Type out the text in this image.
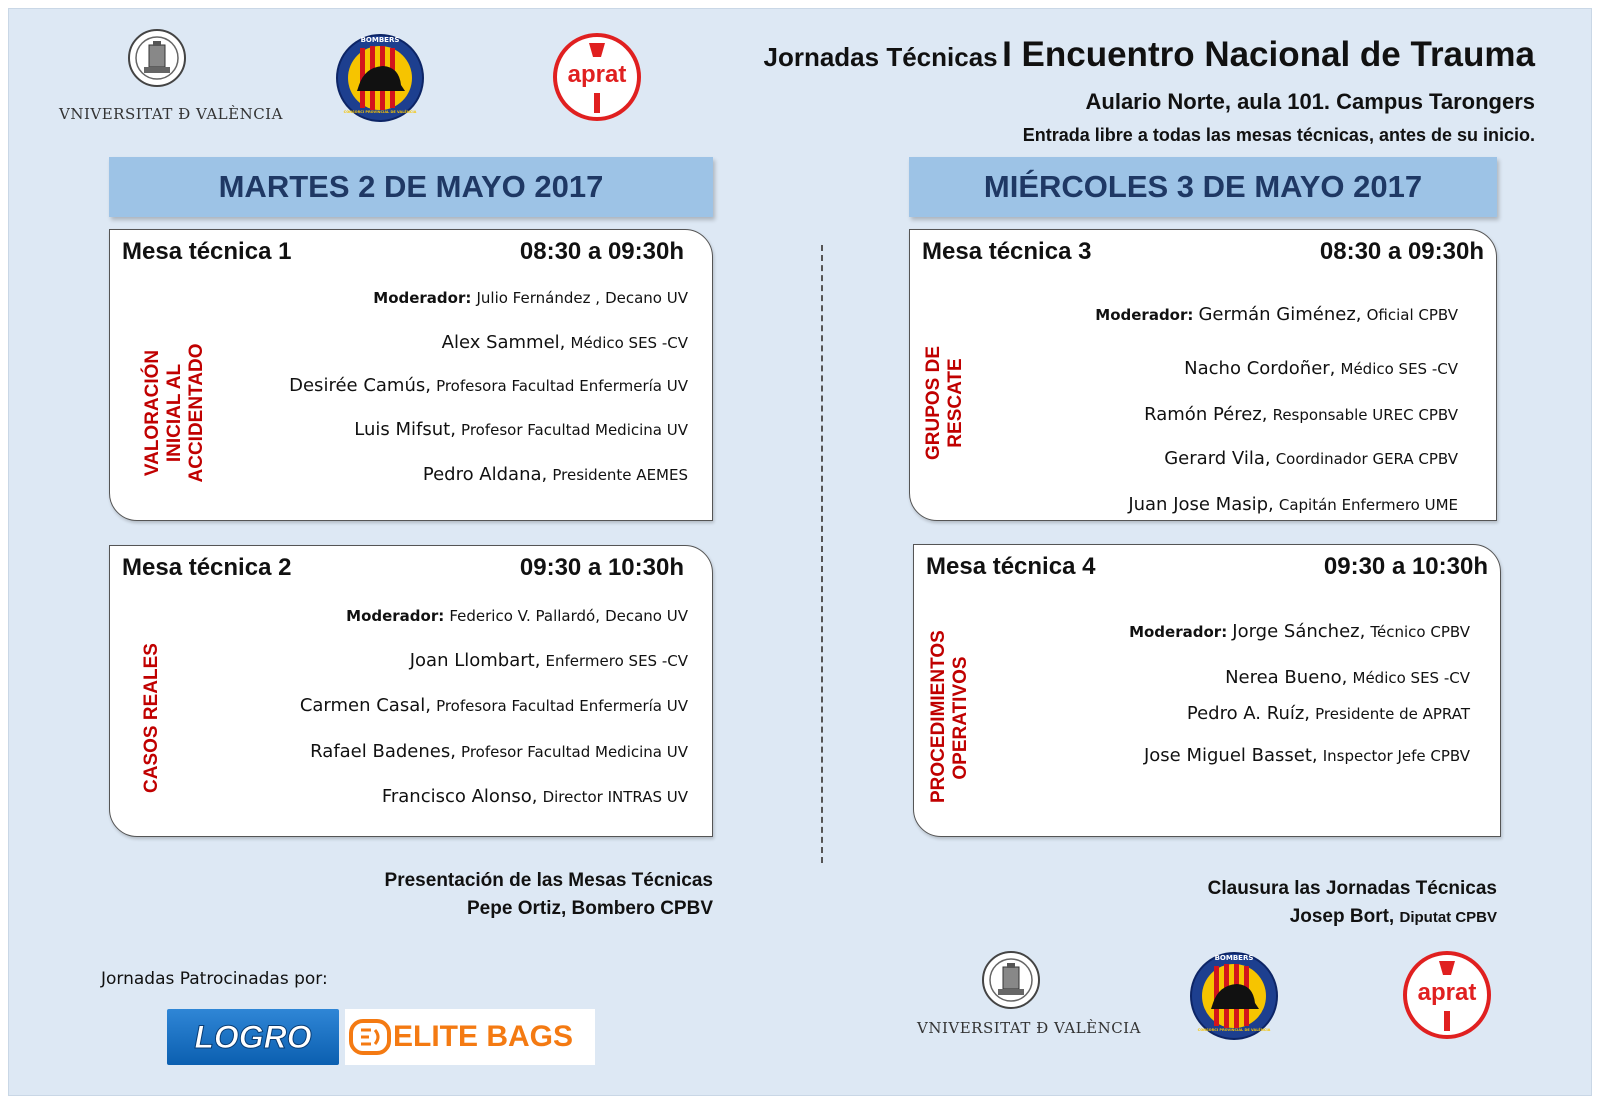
VNIVERSITAT Đ VALÈNCIA
BOMBERS
CONSORCI PROVINCIAL DE VALÈNCIA
aprat
Jornadas Técnicas I Encuentro Nacional de Trauma
Aulario Norte, aula 101. Campus Tarongers
Entrada libre a todas las mesas técnicas, antes de su inicio.
MARTES 2 DE MAYO 2017	MIÉRCOLES 3 DE MAYO 2017
Mesa técnica 1	08:30 a 09:30h
VALORACIÓN INICIAL AL ACCIDENTADO
Moderador: Julio Fernández , Decano UV
Alex Sammel, Médico SES -CV
Desirée Camús, Profesora Facultad Enfermería UV
Luis Mifsut, Profesor Facultad Medicina UV
Pedro Aldana, Presidente AEMES
Mesa técnica 2	09:30 a 10:30h
CASOS REALES
Moderador: Federico V. Pallardó, Decano UV
Joan Llombart, Enfermero SES -CV
Carmen Casal, Profesora Facultad Enfermería UV
Rafael Badenes, Profesor Facultad Medicina UV
Francisco Alonso, Director INTRAS UV
Mesa técnica 3	08:30 a 09:30h
GRUPOS DE RESCATE
Moderador: Germán Giménez, Oficial CPBV
Nacho Cordoñer, Médico SES -CV
Ramón Pérez, Responsable UREC CPBV
Gerard Vila, Coordinador GERA CPBV
Juan Jose Masip, Capitán Enfermero UME
Mesa técnica 4	09:30 a 10:30h
PROCEDIMIENTOS OPERATIVOS
Moderador: Jorge Sánchez, Técnico CPBV
Nerea Bueno, Médico SES -CV
Pedro A. Ruíz, Presidente de APRAT
Jose Miguel Basset, Inspector Jefe CPBV
Presentación de las Mesas Técnicas
Pepe Ortiz, Bombero CPBV
Clausura las Jornadas Técnicas
Josep Bort, Diputat CPBV
Jornadas Patrocinadas por:
LOGRO	ELITE BAGS	VNIVERSITAT Đ VALÈNCIA
BOMBERS
CONSORCI PROVINCIAL DE VALÈNCIA
aprat
